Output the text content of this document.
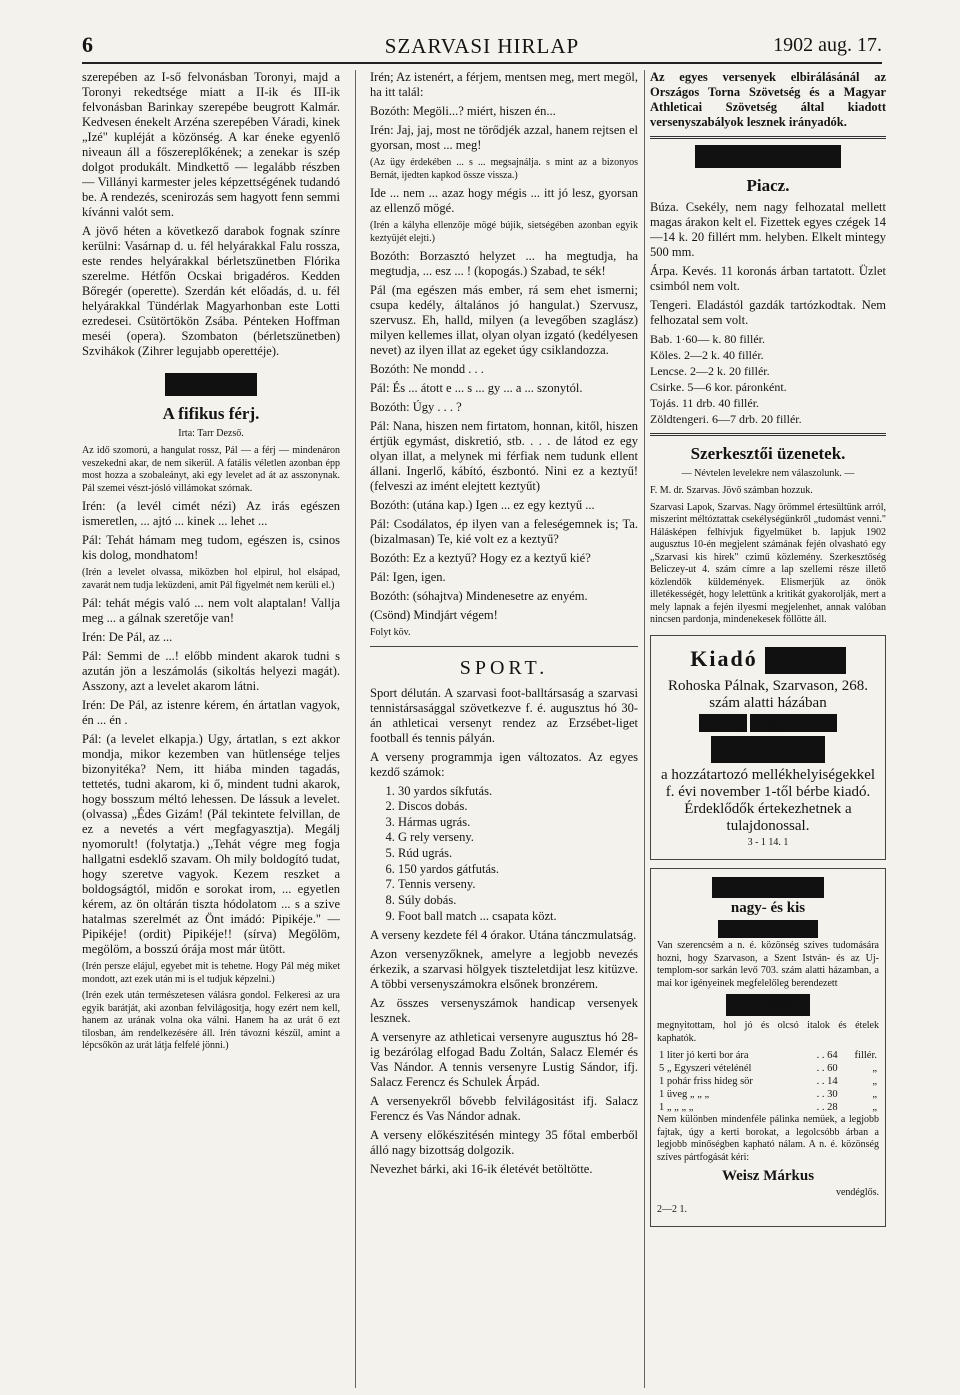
6	SZARVASI HIRLAP	1902 aug. 17.

szerepében az I-ső felvonásban Toronyi, majd a Toronyi rekedtsége miatt a II-ik és III-ik felvonásban Barinkay szerepébe beugrott Kalmár. Kedvesen énekelt Arzéna szerepében Váradi, kinek „Izé" kupléját a közönség. A kar éneke egyenlő niveaun áll a főszereplőkének; a zenekar is szép dolgot produkált. Mindkettő — legalább részben — Villányi karmester jeles képzettségének tudandó be. A rendezés, scenirozás sem hagyott fenn semmi kívánni valót sem.

A jövő héten a következő darabok fognak színre kerülni: Vasárnap d. u. fél helyárakkal Falu rossza, este rendes helyárakkal bérletszünetben Flórika szerelme. Hétfőn Ocskai brigadéros. Kedden Bőregér (operette). Szerdán két előadás, d. u. fél helyárakkal Tündérlak Magyarhonban este Lotti ezredesei. Csütörtökön Zsába. Pénteken Hoffman meséi (opera). Szombaton (bérletszünetben) Szvihákok (Zihrer legujabb operettéje).

TÁRCZA.
A fifikus férj.
Irta: Tarr Dezső.

Az idő szomorú, a hangulat rossz, Pál — a férj — mindenáron veszekedni akar, de nem sikerül. A fatális véletlen azonban épp most hozza a szobaleányt, aki egy levelet ad át az asszonynak. Pál szemei vészt-jósló villámokat szórnak.

Irén: (a levél cimét nézi) Az irás egészen ismeretlen, ... ajtó ... kinek ... lehet ...

Pál: Tehát hámam meg tudom, egészen is, csinos kis dolog, mondhatom!

(Irén a levelet olvassa, miközben hol elpirul, hol elsápad, zavarát nem tudja leküzdeni, amit Pál figyelmét nem kerüli el.)

Pál: tehát mégis való ... nem volt alaptalan! Vallja meg ... a gálnak szeretője van!

Irén: De Pál, az ...

Pál: Semmi de ...! előbb mindent akarok tudni s azután jön a leszámolás (sikoltás helyezi magát). Asszony, azt a levelet akarom látni.

Irén: De Pál, az istenre kérem, én ártatlan vagyok, én ... én .

Pál: (a levelet elkapja.) Ugy, ártatlan, s ezt akkor mondja, mikor kezemben van hütlensége teljes bizonyitéka? Nem, itt hiába minden tagadás, tettetés, tudni akarom, ki ő, mindent tudni akarok, hogy bosszum méltó lehessen. De lássuk a levelet. (olvassa) „Édes Gizám! (Pál tekintete felvillan, de ez a nevetés a vért megfagyasztja). Megálj nyomorult! (folytatja.) „Tehát végre meg fogja hallgatni esdeklő szavam. Oh mily boldogító tudat, hogy szeretve vagyok. Kezem reszket a boldogságtól, midőn e sorokat irom, ... egyetlen kérem, az ön oltárán tiszta hódolatom ... s a szive hatalmas szerelmét az Önt imádó: Pipikéje." — Pipikéje! (ordit) Pipikéje!! (sírva) Megölöm, megölöm, a bosszú órája most már ütött.

(Irén persze elájul, egyebet mit is tehetne. Hogy Pál még miket mondott, azt ezek után mi is el tudjuk képzelni.)

(Irén ezek után természetesen válásra gondol. Felkeresi az ura egyik barátját, aki azonban felvilágositja, hogy ezért nem kell, hanem az urának volna oka válni. Hanem ha az urát ő ezt tilosban, ám rendelkezésére áll. Irén távozni készül, amint a lépcsőkön az urát látja felfelé jönni.)

Irén; Az istenért, a férjem, mentsen meg, mert megöl, ha itt talál:

Bozóth: Megöli...? miért, hiszen én...

Irén: Jaj, jaj, most ne törődjék azzal, hanem rejtsen el gyorsan, most ... meg!

(Az ügy érdekében ... s ... megsajnálja. s mint az a bizonyos Bernát, ijedten kapkod össze vissza.)

Ide ... nem ... azaz hogy mégis ... itt jó lesz, gyorsan az ellenző mögé.

(Irén a kályha ellenzője mögé bújik, sietségében azonban egyik keztyüjét elejti.)

Bozóth: Borzasztó helyzet ... ha megtudja, ha megtudja, ... esz ... ! (kopogás.) Szabad, te sék!

Pál (ma egészen más ember, rá sem ehet ismerni; csupa kedély, általános jó hangulat.) Szervusz, szervusz. Eh, halld, milyen (a levegőben szaglász) milyen kellemes illat, olyan olyan izgató (kedélyesen nevet) az ilyen illat az egeket úgy csiklandozza.

Bozóth: Ne mondd . . .

Pál: És ... átott e ... s ... gy ... a ... szonytól.

Bozóth: Úgy . . . ?

Pál: Nana, hiszen nem firtatom, honnan, kitől, hiszen értjük egymást, diskretió, stb. . . . de látod ez egy olyan illat, a melynek mi férfiak nem tudunk ellent állani. Ingerlő, kábító, észbontó. Nini ez a keztyű! (felveszi az imént elejtett keztyűt)

Bozóth: (utána kap.) Igen ... ez egy keztyű ...

Pál: Csodálatos, ép ilyen van a feleségemnek is; Ta. (bizalmasan) Te, kié volt ez a keztyű?

Bozóth: Ez a keztyű? Hogy ez a keztyű kié?

Pál: Igen, igen.

Bozóth: (sóhajtva) Mindenesetre az enyém.

(Csönd) Mindjárt végem!

Folyt köv.

SPORT.

Sport délután. A szarvasi foot-balltársaság a szarvasi tennistársasággal szövetkezve f. é. augusztus hó 30-án athleticai versenyt rendez az Erzsébet-liget football és tennis pályán.

A verseny programmja igen változatos. Az egyes kezdő számok:

1. 30 yardos síkfutás.
2. Discos dobás.
3. Hármas ugrás.
4. G rely verseny.
5. Rúd ugrás.
6. 150 yardos gátfutás.
7. Tennis verseny.
8. Súly dobás.
9. Foot ball match ... csapata közt.

A verseny kezdete fél 4 órakor. Utána tánczmulatság.

Azon versenyzőknek, amelyre a legjobb nevezés érkezik, a szarvasi hölgyek tiszteletdijat lesz kitüzve. A többi versenyszámokra elsőnek bronzérem.

Az összes versenyszámok handicap versenyek lesznek.

A versenyre az athleticai versenyre augusztus hó 28-ig bezárólag elfogad Badu Zoltán, Salacz Elemér és Vas Nándor. A tennis versenyre Lustig Sándor, ifj. Salacz Ferencz és Schulek Árpád.

A versenyekről bővebb felvilágositást ifj. Salacz Ferencz és Vas Nándor adnak.

A verseny előkészitésén mintegy 35 főtal emberből álló nagy bizottság dolgozik.

Nevezhet bárki, aki 16-ik életévét betöltötte.

Az egyes versenyek elbirálásánál az Országos Torna Szövetség és a Magyar Athleticai Szövetség által kiadott versenyszabályok lesznek irányadók.

KÖZGAZDASÁG.
Piacz.

Búza. Csekély, nem nagy felhozatal mellett magas árakon kelt el. Fizettek egyes czégek 14—14 k. 20 fillért mm. helyben. Elkelt mintegy 500 mm.

Árpa. Kevés. 11 koronás árban tartatott. Üzlet csimból nem volt.

Tengeri. Eladástól gazdák tartózkodtak. Nem felhozatal sem volt.

Bab. 1·60— k. 80 fillér.
Köles. 2—2 k. 40 fillér.
Lencse. 2—2 k. 20 fillér.
Csirke. 5—6 kor. páronként.
Tojás. 11 drb. 40 fillér.
Zöldtengeri. 6—7 drb. 20 fillér.
Szerkesztői üzenetek.
— Névtelen levelekre nem válaszolunk. —

F. M. dr. Szarvas. Jövő számban hozzuk.

Szarvasi Lapok, Szarvas. Nagy örömmel értesültünk arról, miszerint méltóztattak csekélységünkről „tudomást venni." Hálásképen felhívjuk figyelmüket b. lapjuk 1902 augusztus 10-én megjelent számának fején olvasható egy „Szarvasi kis hirek" czimű közlemény. Szerkesztőség Beliczey-ut 4. szám címre a lap szellemi része illető közlendők küldemények. Elismerjük az önök illetékességét, hogy lelettünk a kritikát gyakorolják, mert a mely lapnak a fején ilyesmi megjelenhet, annak valóban nincsen pardonja, mindenekesek föllötte áll.

Kiadó lakás.
Rohoska Pálnak, Szarvason, 268. szám alatti házában
egy 3-, vagy 2 szobás
utczai lakás
a hozzátartozó mellékhelyiségekkel f. évi november 1-től bérbe kiadó. Érdeklődők értekezhetnek a tulajdonossal.
3 - 1 14. 1
Szezonra ajánlok
nagy- és kis
sörkiszolgálásra

Van szerencsém a n. é. közönség szíves tudomására hozni, hogy Szarvason, a Szent István- és az Uj-templom-sor sarkán levő 703. szám alatti házamban, a mai kor igényeinek megfelelőleg berendezett

Vendéglőt

megnyitottam, hol jó és olcsó italok és ételek kaphatók.

1 liter jó kerti bor ára	. . 64	fillér.
5 „ Egyszeri vételénél	. . 60	„
1 pohár friss hideg sör	. . 14	„
1 üveg „ „ „	. . 30	„
1 „ „ „ „	. . 28	„

Nem különben mindenféle pálinka nemüek, a legjobb fajtak, úgy a kerti borokat, a legolcsóbb árban a legjobb minőségben kapható nálam. A n. é. közönség szíves pártfogását kéri:

Weisz Márkus
vendéglős.
2—2 1.
